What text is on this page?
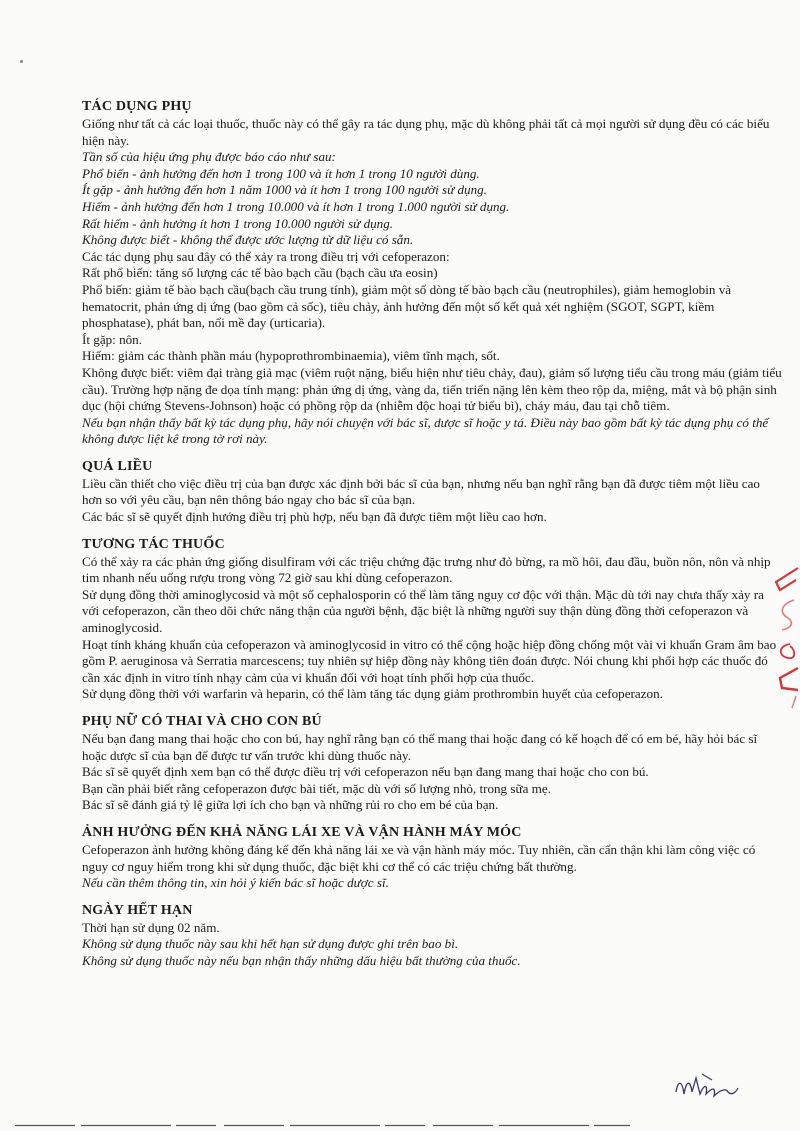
TÁC DỤNG PHỤ

Giống như tất cả các loại thuốc, thuốc này có thể gây ra tác dụng phụ, mặc dù không phải tất cả mọi người sử dụng đều có các biểu hiện này.

Tần số của hiệu ứng phụ được báo cáo như sau:

Phổ biến - ảnh hưởng đến hơn 1 trong 100 và ít hơn 1 trong 10 người dùng.

Ít gặp - ảnh hưởng đến hơn 1 năm 1000 và ít hơn 1 trong 100 người sử dụng.

Hiếm - ảnh hưởng đến hơn 1 trong 10.000 và ít hơn 1 trong 1.000 người sử dụng.

Rất hiếm - ảnh hưởng ít hơn 1 trong 10.000 người sử dụng.

Không được biết - không thể được ước lượng từ dữ liệu có sẵn.

Các tác dụng phụ sau đây có thể xảy ra trong điều trị với cefoperazon:

Rất phổ biến: tăng số lượng các tế bào bạch cầu (bạch cầu ưa eosin)

Phổ biến: giảm tế bào bạch cầu(bạch cầu trung tính), giảm một số dòng tế bào bạch cầu (neutrophiles), giảm hemoglobin và hematocrit, phản ứng dị ứng (bao gồm cả sốc), tiêu chảy, ảnh hưởng đến một số kết quả xét nghiệm (SGOT, SGPT, kiềm phosphatase), phát ban, nổi mề đay (urticaria).

Ít gặp: nôn.

Hiếm: giảm các thành phần máu (hypoprothrombinaemia), viêm tĩnh mạch, sốt.

Không được biết: viêm đại tràng giả mạc (viêm ruột nặng, biểu hiện như tiêu chảy, đau), giảm số lượng tiểu cầu trong máu (giảm tiểu cầu). Trường hợp nặng đe dọa tính mạng: phản ứng dị ứng, vàng da, tiến triển nặng lên kèm theo rộp da, miệng, mắt và bộ phận sinh dục (hội chứng Stevens-Johnson) hoặc có phồng rộp da (nhiễm độc hoại tử biểu bì), cháy máu, đau tại chỗ tiêm.

Nếu bạn nhận thấy bất kỳ tác dụng phụ, hãy nói chuyện với bác sĩ, dược sĩ hoặc y tá. Điều này bao gồm bất kỳ tác dụng phụ có thể không được liệt kê trong tờ rơi này.

QUÁ LIỀU

Liều cần thiết cho việc điều trị của bạn được xác định bởi bác sĩ của bạn, nhưng nếu bạn nghĩ rằng bạn đã được tiêm một liều cao hơn so với yêu cầu, bạn nên thông báo ngay cho bác sĩ của bạn.

Các bác sĩ sẽ quyết định hướng điều trị phù hợp, nếu bạn đã được tiêm một liều cao hơn.

TƯƠNG TÁC THUỐC

Có thể xảy ra các phản ứng giống disulfiram với các triệu chứng đặc trưng như đỏ bừng, ra mồ hôi, đau đầu, buồn nôn, nôn và nhịp tim nhanh nếu uống rượu trong vòng 72 giờ sau khi dùng cefoperazon.

Sử dụng đồng thời aminoglycosid và một số cephalosporin có thể làm tăng nguy cơ độc với thận. Mặc dù tới nay chưa thấy xảy ra với cefoperazon, cần theo dõi chức năng thận của người bệnh, đặc biệt là những người suy thận dùng đồng thời cefoperazon và aminoglycosid.

Hoạt tính kháng khuẩn của cefoperazon và aminoglycosid in vitro có thể cộng hoặc hiệp đồng chống một vài vi khuẩn Gram âm bao gồm P. aeruginosa và Serratia marcescens; tuy nhiên sự hiệp đồng này không tiên đoán được. Nói chung khi phối hợp các thuốc đó cần xác định in vitro tính nhạy cảm của vi khuẩn đối với hoạt tính phối hợp của thuốc.

Sử dụng đồng thời với warfarin và heparin, có thể làm tăng tác dụng giảm prothrombin huyết của cefoperazon.

PHỤ NỮ CÓ THAI VÀ CHO CON BÚ

Nếu bạn đang mang thai hoặc cho con bú, hay nghĩ rằng bạn có thể mang thai hoặc đang có kế hoạch để có em bé, hãy hỏi bác sĩ hoặc dược sĩ của bạn để được tư vấn trước khi dùng thuốc này.

Bác sĩ sẽ quyết định xem bạn có thể được điều trị với cefoperazon nếu bạn đang mang thai hoặc cho con bú.

Bạn cần phải biết rằng cefoperazon được bài tiết, mặc dù với số lượng nhỏ, trong sữa mẹ.

Bác sĩ sẽ đánh giá tỷ lệ giữa lợi ích cho bạn và những rủi ro cho em bé của bạn.

ẢNH HƯỞNG ĐẾN KHẢ NĂNG LÁI XE VÀ VẬN HÀNH MÁY MÓC

Cefoperazon ảnh hưởng không đáng kể đến khả năng lái xe và vận hành máy móc. Tuy nhiên, cần cẩn thận khi làm công việc có nguy cơ nguy hiểm trong khi sử dụng thuốc, đặc biệt khi cơ thể có các triệu chứng bất thường.

Nếu cần thêm thông tin, xin hỏi ý kiến bác sĩ hoặc dược sĩ.

NGÀY HẾT HẠN

Thời hạn sử dụng 02 năm.

Không sử dụng thuốc này sau khi hết hạn sử dụng được ghi trên bao bì.

Không sử dụng thuốc này nếu bạn nhận thấy những dấu hiệu bất thường của thuốc.
